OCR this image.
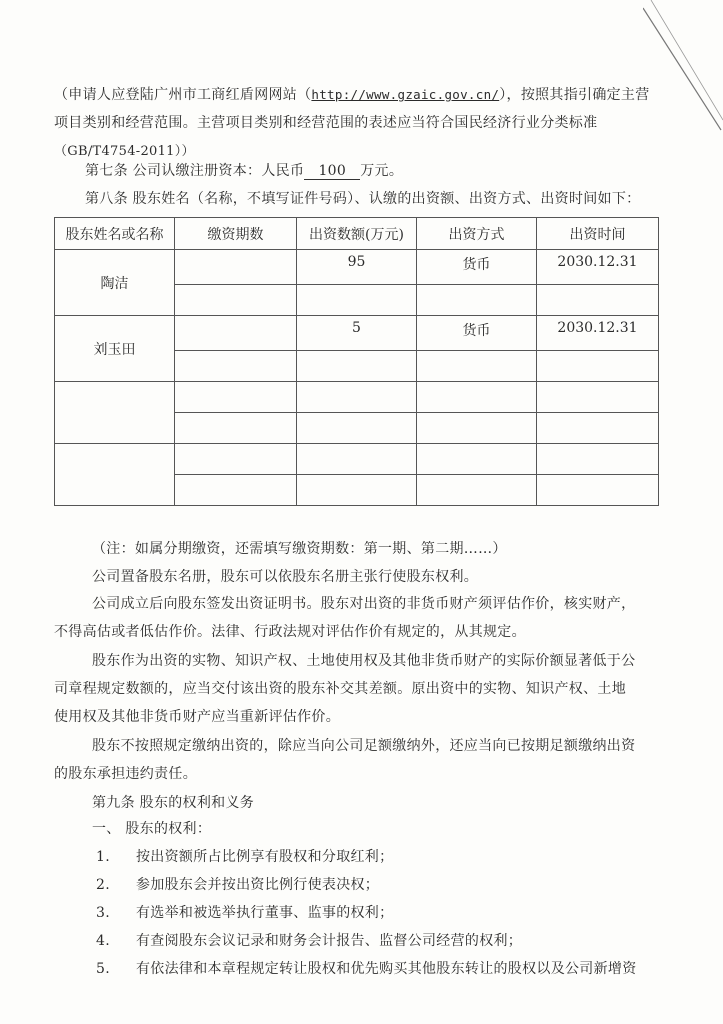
（申请人应登陆广州市工商红盾网网站（http://www.gzaic.gov.cn/），按照其指引确定主营
项目类别和经营范围。主营项目类别和经营范围的表述应当符合国民经济行业分类标准
（GB/T4754-2011））
第七条 公司认缴注册资本：人民币 100 万元。
第八条 股东姓名（名称，不填写证件号码）、认缴的出资额、出资方式、出资时间如下：
股东姓名或名称	缴资期数	出资数额(万元)	出资方式	出资时间
陶洁		95	货币	2030.12.31

刘玉田		5	货币	2030.12.31

（注：如属分期缴资，还需填写缴资期数：第一期、第二期……）
公司置备股东名册，股东可以依股东名册主张行使股东权利。
公司成立后向股东签发出资证明书。股东对出资的非货币财产须评估作价，核实财产，
不得高估或者低估作价。法律、行政法规对评估作价有规定的，从其规定。
股东作为出资的实物、知识产权、土地使用权及其他非货币财产的实际价额显著低于公
司章程规定数额的，应当交付该出资的股东补交其差额。原出资中的实物、知识产权、土地
使用权及其他非货币财产应当重新评估作价。
股东不按照规定缴纳出资的，除应当向公司足额缴纳外，还应当向已按期足额缴纳出资
的股东承担违约责任。
第九条 股东的权利和义务
一、 股东的权利：
1. 按出资额所占比例享有股权和分取红利；
2. 参加股东会并按出资比例行使表决权；
3. 有选举和被选举执行董事、监事的权利；
4. 有查阅股东会议记录和财务会计报告、监督公司经营的权利；
5. 有依法律和本章程规定转让股权和优先购买其他股东转让的股权以及公司新增资
